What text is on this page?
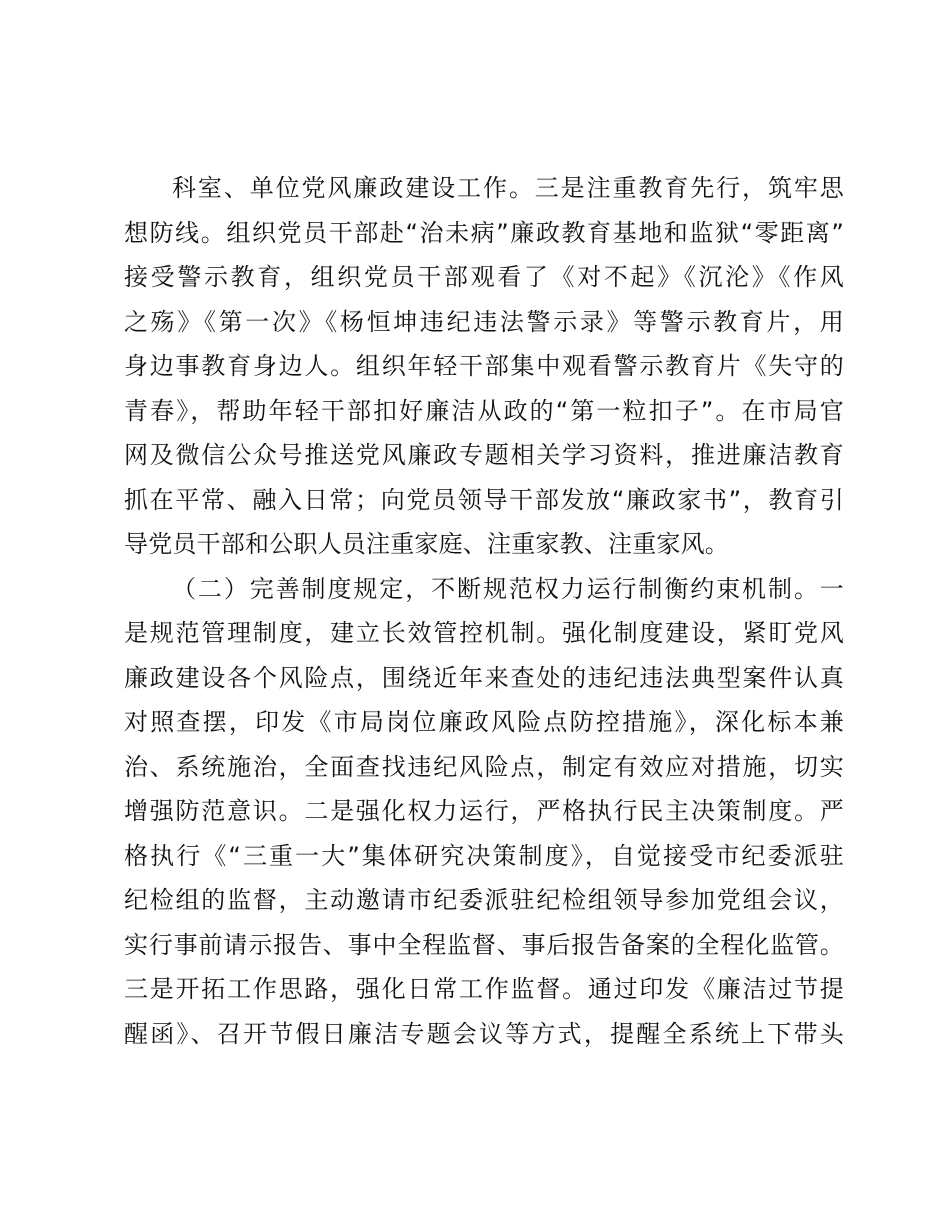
科室、单位党风廉政建设工作。三是注重教育先行，筑牢思
想防线。组织党员干部赴“治未病”廉政教育基地和监狱“零距离”
接受警示教育，组织党员干部观看了《对不起》《沉沦》《作风
之殇》《第一次》《杨恒坤违纪违法警示录》等警示教育片，用
身边事教育身边人。组织年轻干部集中观看警示教育片《失守的
青春》，帮助年轻干部扣好廉洁从政的“第一粒扣子”。在市局官
网及微信公众号推送党风廉政专题相关学习资料，推进廉洁教育
抓在平常、融入日常；向党员领导干部发放“廉政家书”，教育引
导党员干部和公职人员注重家庭、注重家教、注重家风。
（二）完善制度规定，不断规范权力运行制衡约束机制。一
是规范管理制度，建立长效管控机制。强化制度建设，紧盯党风
廉政建设各个风险点，围绕近年来查处的违纪违法典型案件认真
对照查摆，印发《市局岗位廉政风险点防控措施》，深化标本兼
治、系统施治，全面查找违纪风险点，制定有效应对措施，切实
增强防范意识。二是强化权力运行，严格执行民主决策制度。严
格执行《“三重一大”集体研究决策制度》，自觉接受市纪委派驻
纪检组的监督，主动邀请市纪委派驻纪检组领导参加党组会议，
实行事前请示报告、事中全程监督、事后报告备案的全程化监管。
三是开拓工作思路，强化日常工作监督。通过印发《廉洁过节提
醒函》、召开节假日廉洁专题会议等方式，提醒全系统上下带头
